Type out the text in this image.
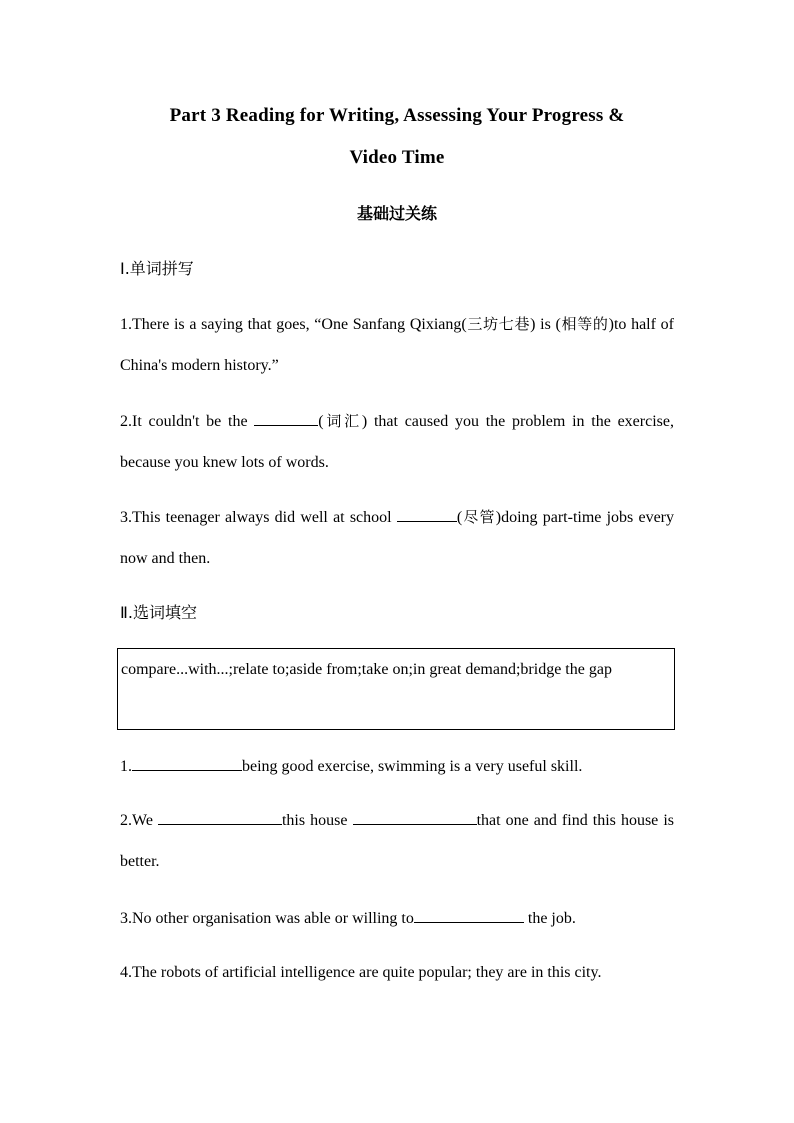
Part 3 Reading for Writing, Assessing Your Progress &
Video Time
基础过关练
Ⅰ.单词拼写
1.There is a saying that goes, “One Sanfang Qixiang(三坊七巷) is (相等的)to half of China's modern history.”
2.It couldn't be the	(词汇) that caused you the problem in the exercise, because you knew lots of words.
3.This teenager always did well at school	(尽管)doing part-time jobs every now and then.
Ⅱ.选词填空
compare...with...;relate to;aside from;take on;in great demand;bridge the gap
1.	being good exercise, swimming is a very useful skill.
2.We	this house	that one and find this house is better.
3.No other organisation was able or willing to	the job.
4.The robots of artificial intelligence are quite popular; they are in this city.
